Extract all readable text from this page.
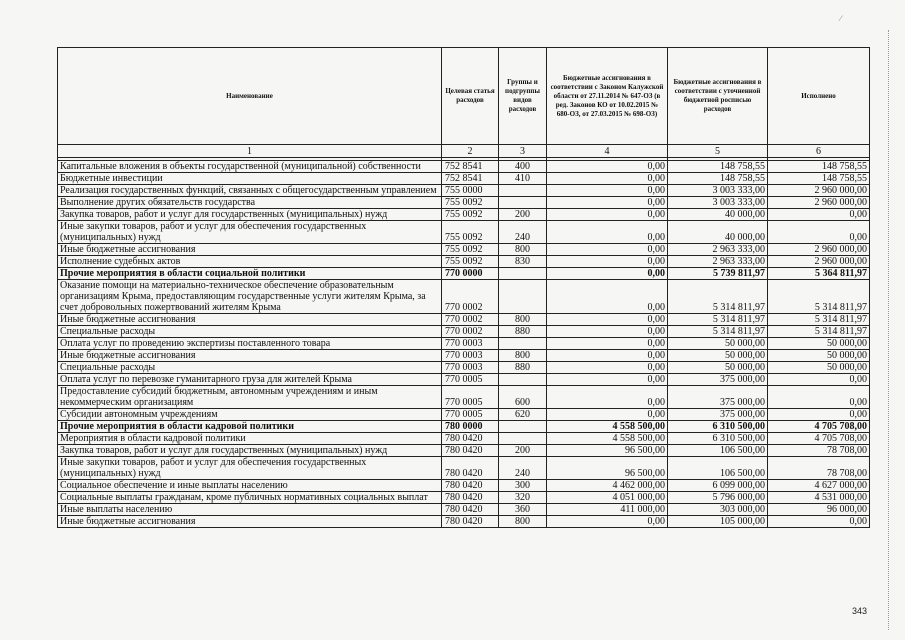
⁄
Наименование	Целевая статья расходов	Группы и подгруппы видов расходов	Бюджетные ассигнования в соответствии с Законом Калужской области от 27.11.2014 № 647-ОЗ (в ред. Законов КО от 10.02.2015 № 680-ОЗ, от 27.03.2015 № 698-ОЗ)	Бюджетные ассигнования в соответствии с уточненной бюджетной росписью расходов	Исполнено
1	2	3	4	5	6

Капитальные вложения в объекты государственной (муниципальной) собственности	752 8541	400	0,00	148 758,55	148 758,55
Бюджетные инвестиции	752 8541	410	0,00	148 758,55	148 758,55
Реализация государственных функций, связанных с общегосударственным управлением	755 0000		0,00	3 003 333,00	2 960 000,00
Выполнение других обязательств государства	755 0092		0,00	3 003 333,00	2 960 000,00
Закупка товаров, работ и услуг для государственных (муниципальных) нужд	755 0092	200	0,00	40 000,00	0,00
Иные закупки товаров, работ и услуг для обеспечения государственных (муниципальных) нужд	755 0092	240	0,00	40 000,00	0,00
Иные бюджетные ассигнования	755 0092	800	0,00	2 963 333,00	2 960 000,00
Исполнение судебных актов	755 0092	830	0,00	2 963 333,00	2 960 000,00
Прочие мероприятия в области социальной политики	770 0000		0,00	5 739 811,97	5 364 811,97
Оказание помощи на материально-техническое обеспечение образовательным организациям Крыма, предоставляющим государственные услуги жителям Крыма, за счет добровольных пожертвований жителям Крыма	770 0002		0,00	5 314 811,97	5 314 811,97
Иные бюджетные ассигнования	770 0002	800	0,00	5 314 811,97	5 314 811,97
Специальные расходы	770 0002	880	0,00	5 314 811,97	5 314 811,97
Оплата услуг по проведению экспертизы поставленного товара	770 0003		0,00	50 000,00	50 000,00
Иные бюджетные ассигнования	770 0003	800	0,00	50 000,00	50 000,00
Специальные расходы	770 0003	880	0,00	50 000,00	50 000,00
Оплата услуг по перевозке гуманитарного груза для жителей Крыма	770 0005		0,00	375 000,00	0,00
Предоставление субсидий бюджетным, автономным учреждениям и иным некоммерческим организациям	770 0005	600	0,00	375 000,00	0,00
Субсидии автономным учреждениям	770 0005	620	0,00	375 000,00	0,00
Прочие мероприятия в области кадровой политики	780 0000		4 558 500,00	6 310 500,00	4 705 708,00
Мероприятия в области кадровой политики	780 0420		4 558 500,00	6 310 500,00	4 705 708,00
Закупка товаров, работ и услуг для государственных (муниципальных) нужд	780 0420	200	96 500,00	106 500,00	78 708,00
Иные закупки товаров, работ и услуг для обеспечения государственных (муниципальных) нужд	780 0420	240	96 500,00	106 500,00	78 708,00
Социальное обеспечение и иные выплаты населению	780 0420	300	4 462 000,00	6 099 000,00	4 627 000,00
Социальные выплаты гражданам, кроме публичных нормативных социальных выплат	780 0420	320	4 051 000,00	5 796 000,00	4 531 000,00
Иные выплаты населению	780 0420	360	411 000,00	303 000,00	96 000,00
Иные бюджетные ассигнования	780 0420	800	0,00	105 000,00	0,00
343
